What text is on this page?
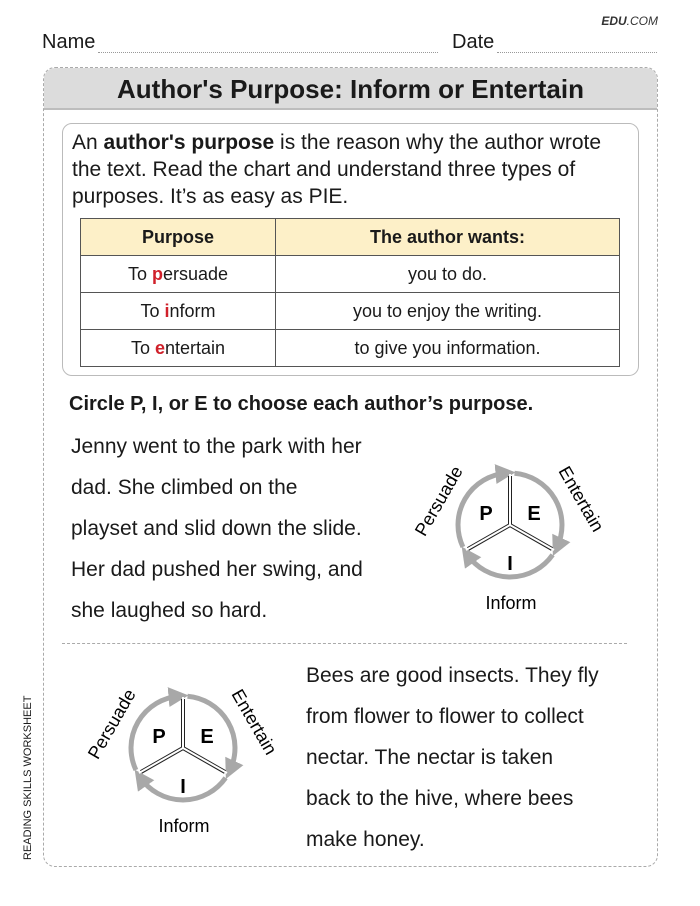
EDU.COM
Name	Date
Author's Purpose: Inform or Entertain

An author's purpose is the reason why the author wrote the text. Read the chart and understand three types of purposes. It’s as easy as PIE.

Purpose	The author wants:
To persuade	you to do.
To inform	you to enjoy the writing.
To entertain	to give you information.
Circle P, I, or E to choose each author’s purpose.
Jenny went to the park with her
dad. She climbed on the
playset and slid down the slide.
Her dad pushed her swing, and
she laughed so hard.
Bees are good insects. They fly
from flower to flower to collect
nectar. The nectar is taken
back to the hive, where bees
make honey.
P E
I
Persuade	Entertain
Inform
P E
I
Persuade	Entertain
Inform
READING SKILLS WORKSHEET
